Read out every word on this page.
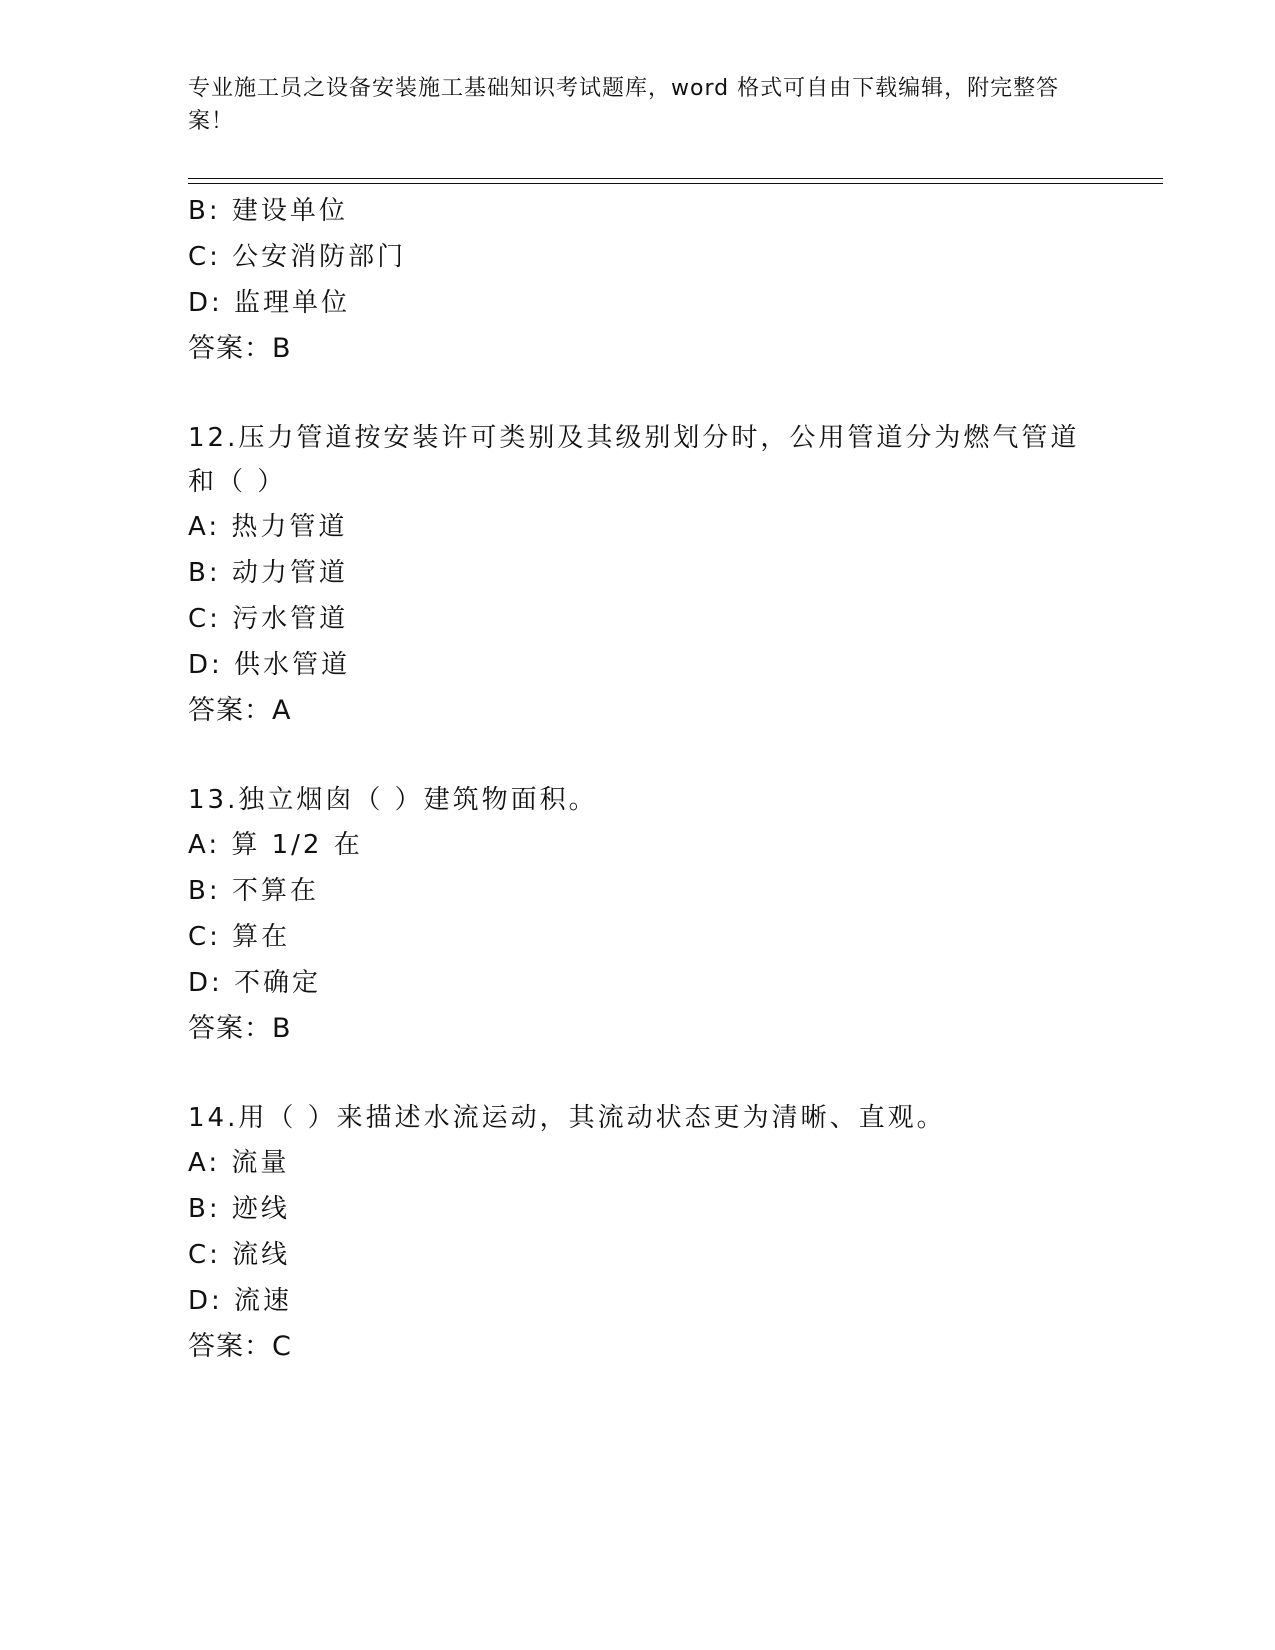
专业施工员之设备安装施工基础知识考试题库，word 格式可自由下载编辑，附完整答案！
B: 建设单位
C: 公安消防部门
D: 监理单位
答案：B
12.压力管道按安装许可类别及其级别划分时，公用管道分为燃气管道和（ ）
A: 热力管道
B: 动力管道
C: 污水管道
D: 供水管道
答案：A
13.独立烟囱（ ）建筑物面积。
A: 算 1/2 在
B: 不算在
C: 算在
D: 不确定
答案：B
14.用（ ）来描述水流运动，其流动状态更为清晰、直观。
A: 流量
B: 迹线
C: 流线
D: 流速
答案：C
